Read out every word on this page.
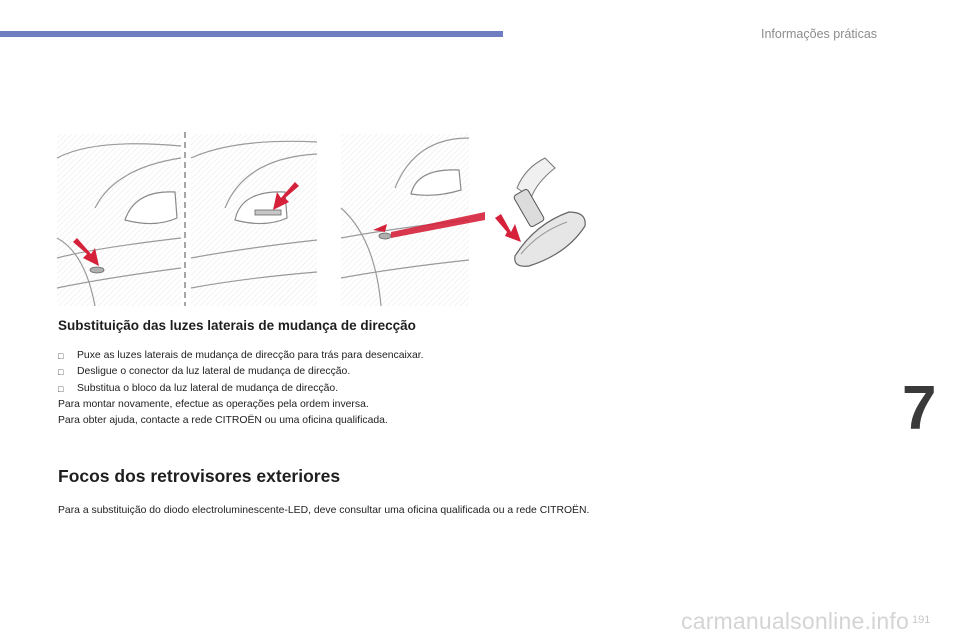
Informações práticas
Substituição das luzes laterais de mudança de direcção
□	Puxe as luzes laterais de mudança de direcção para trás para desencaixar.
□	Desligue o conector da luz lateral de mudança de direcção.
□	Substitua o bloco da luz lateral de mudança de direcção.
Para montar novamente, efectue as operações pela ordem inversa.
Para obter ajuda, contacte a rede CITROËN ou uma oficina qualificada.
Focos dos retrovisores exteriores
Para a substituição do diodo electroluminescente-LED, deve consultar uma oficina qualificada ou a rede CITROËN.
7
carmanualsonline.info 191
